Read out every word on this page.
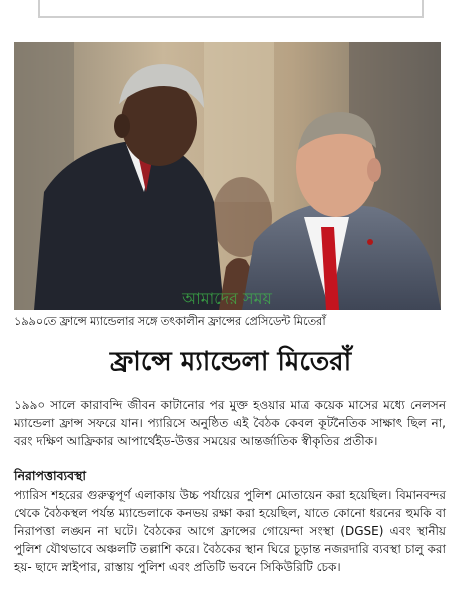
আমাদের সময়
১৯৯০তে ফ্রান্সে ম্যান্ডেলার সঙ্গে তৎকালীন ফ্রান্সের প্রেসিডেন্ট মিতেরাঁ
ফ্রান্সে ম্যান্ডেলা মিতেরাঁ
১৯৯০ সালে কারাবন্দি জীবন কাটানোর পর মুক্ত হওয়ার মাত্র কয়েক মাসের মধ্যে নেলসন ম্যান্ডেলা ফ্রান্স সফরে যান। প্যারিসে অনুষ্ঠিত এই বৈঠক কেবল কূটনৈতিক সাক্ষাৎ ছিল না, বরং দক্ষিণ আফ্রিকার আপার্থেইড-উত্তর সময়ের আন্তর্জাতিক স্বীকৃতির প্রতীক।
নিরাপত্তাব্যবস্থা
প্যারিস শহরের গুরুত্বপূর্ণ এলাকায় উচ্চ পর্যায়ের পুলিশ মোতায়েন করা হয়েছিল। বিমানবন্দর থেকে বৈঠকস্থল পর্যন্ত ম্যান্ডেলাকে কনভয় রক্ষা করা হয়েছিল, যাতে কোনো ধরনের হুমকি বা নিরাপত্তা লঙ্ঘন না ঘটে। বৈঠকের আগে ফ্রান্সের গোয়েন্দা সংস্থা (DGSE) এবং স্থানীয় পুলিশ যৌথভাবে অঞ্চলটি তল্লাশি করে। বৈঠকের স্থান ঘিরে চূড়ান্ত নজরদারি ব্যবস্থা চালু করা হয়- ছাদে স্নাইপার, রাস্তায় পুলিশ এবং প্রতিটি ভবনে সিকিউরিটি চেক।
